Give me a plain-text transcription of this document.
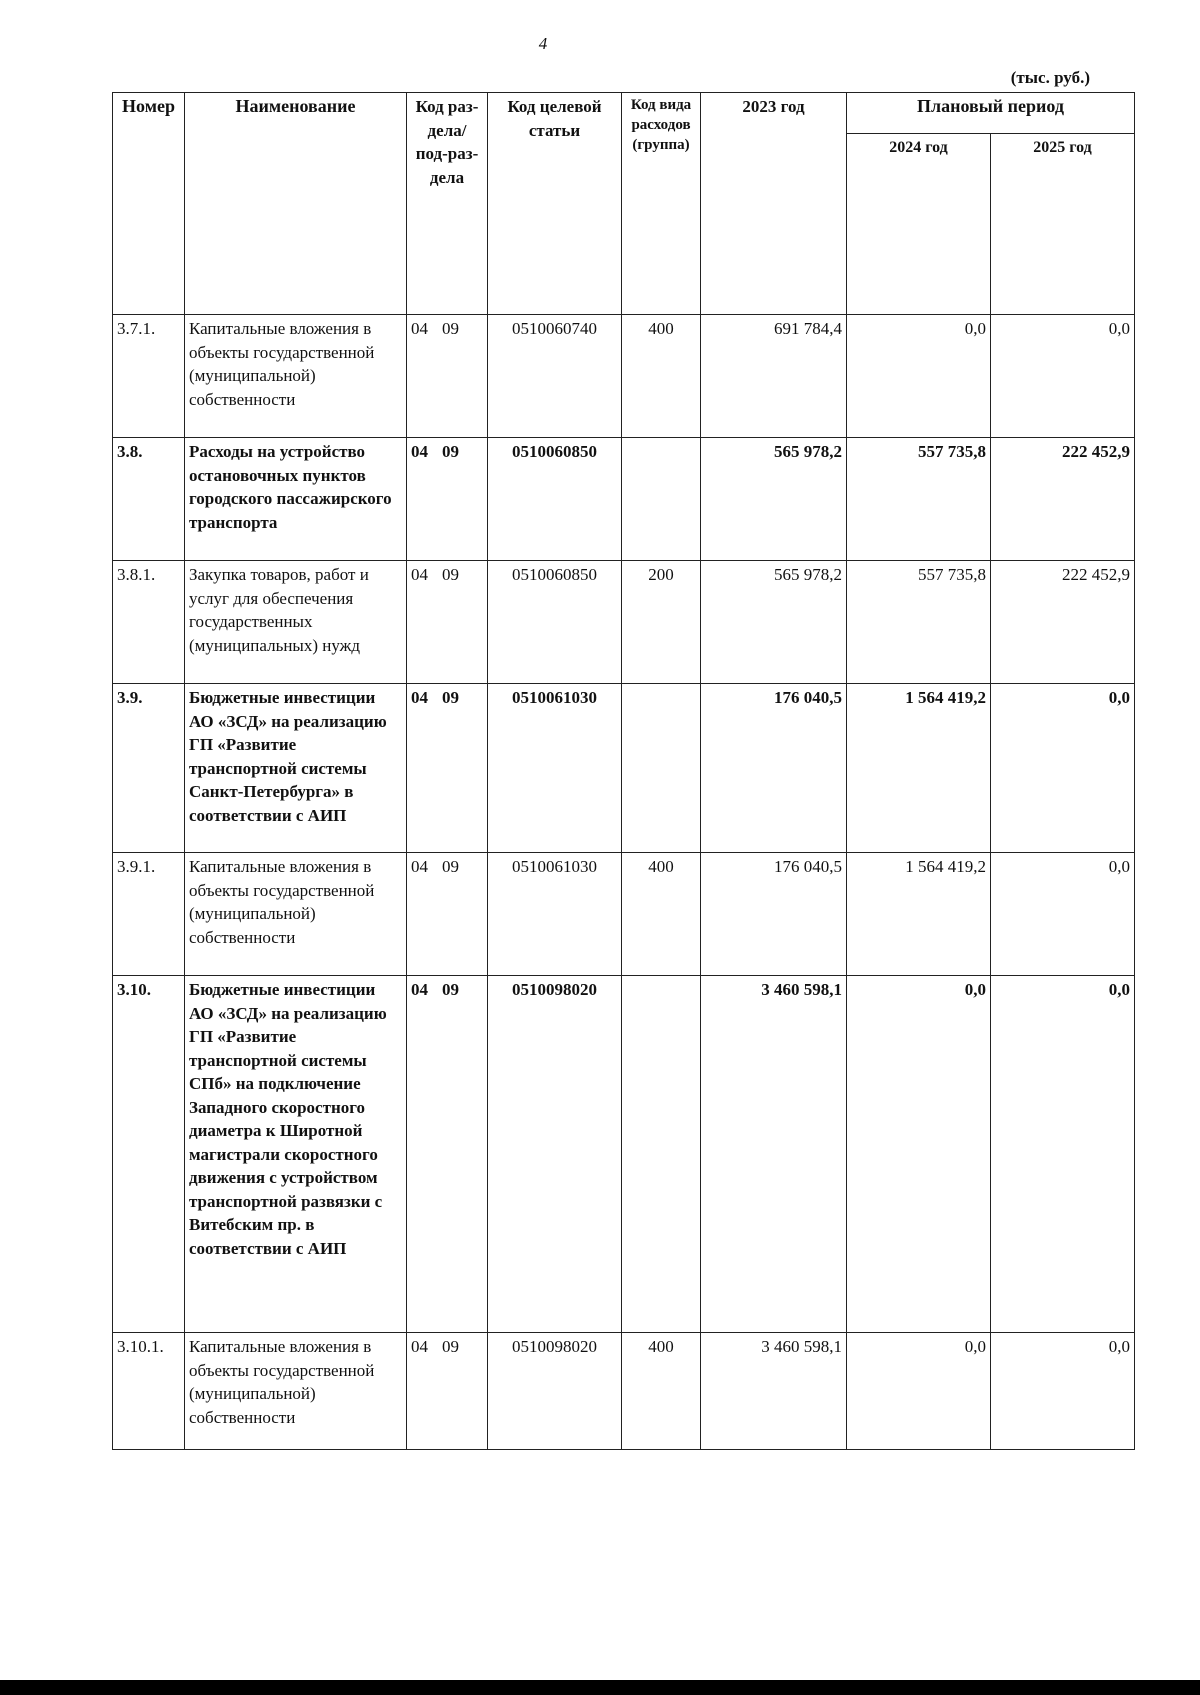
4
(тыс. руб.)
Номер	Наименование	Код раз-дела/ под-раз-дела	Код целевой статьи	Код вида расходов (группа)	2023 год	Плановый период	
						2024 год	2025 год
3.7.1.	Капитальные вложения в объекты государственной (муниципальной) собственности	04 09	0510060740	400	691 784,4	0,0	0,0
3.8.	Расходы на устройство остановочных пунктов городского пассажирского транспорта	04 09	0510060850		565 978,2	557 735,8	222 452,9
3.8.1.	Закупка товаров, работ и услуг для обеспечения государственных (муниципальных) нужд	04 09	0510060850	200	565 978,2	557 735,8	222 452,9
3.9.	Бюджетные инвестиции АО «ЗСД» на реализацию ГП «Развитие транспортной системы Санкт-Петербурга» в соответствии с АИП	04 09	0510061030		176 040,5	1 564 419,2	0,0
3.9.1.	Капитальные вложения в объекты государственной (муниципальной) собственности	04 09	0510061030	400	176 040,5	1 564 419,2	0,0
3.10.	Бюджетные инвестиции АО «ЗСД» на реализацию ГП «Развитие транспортной системы СПб» на подключение Западного скоростного диаметра к Широтной магистрали скоростного движения с устройством транспортной развязки с Витебским пр. в соответствии с АИП	04 09	0510098020		3 460 598,1	0,0	0,0
3.10.1.	Капитальные вложения в объекты государственной (муниципальной) собственности	04 09	0510098020	400	3 460 598,1	0,0	0,0
